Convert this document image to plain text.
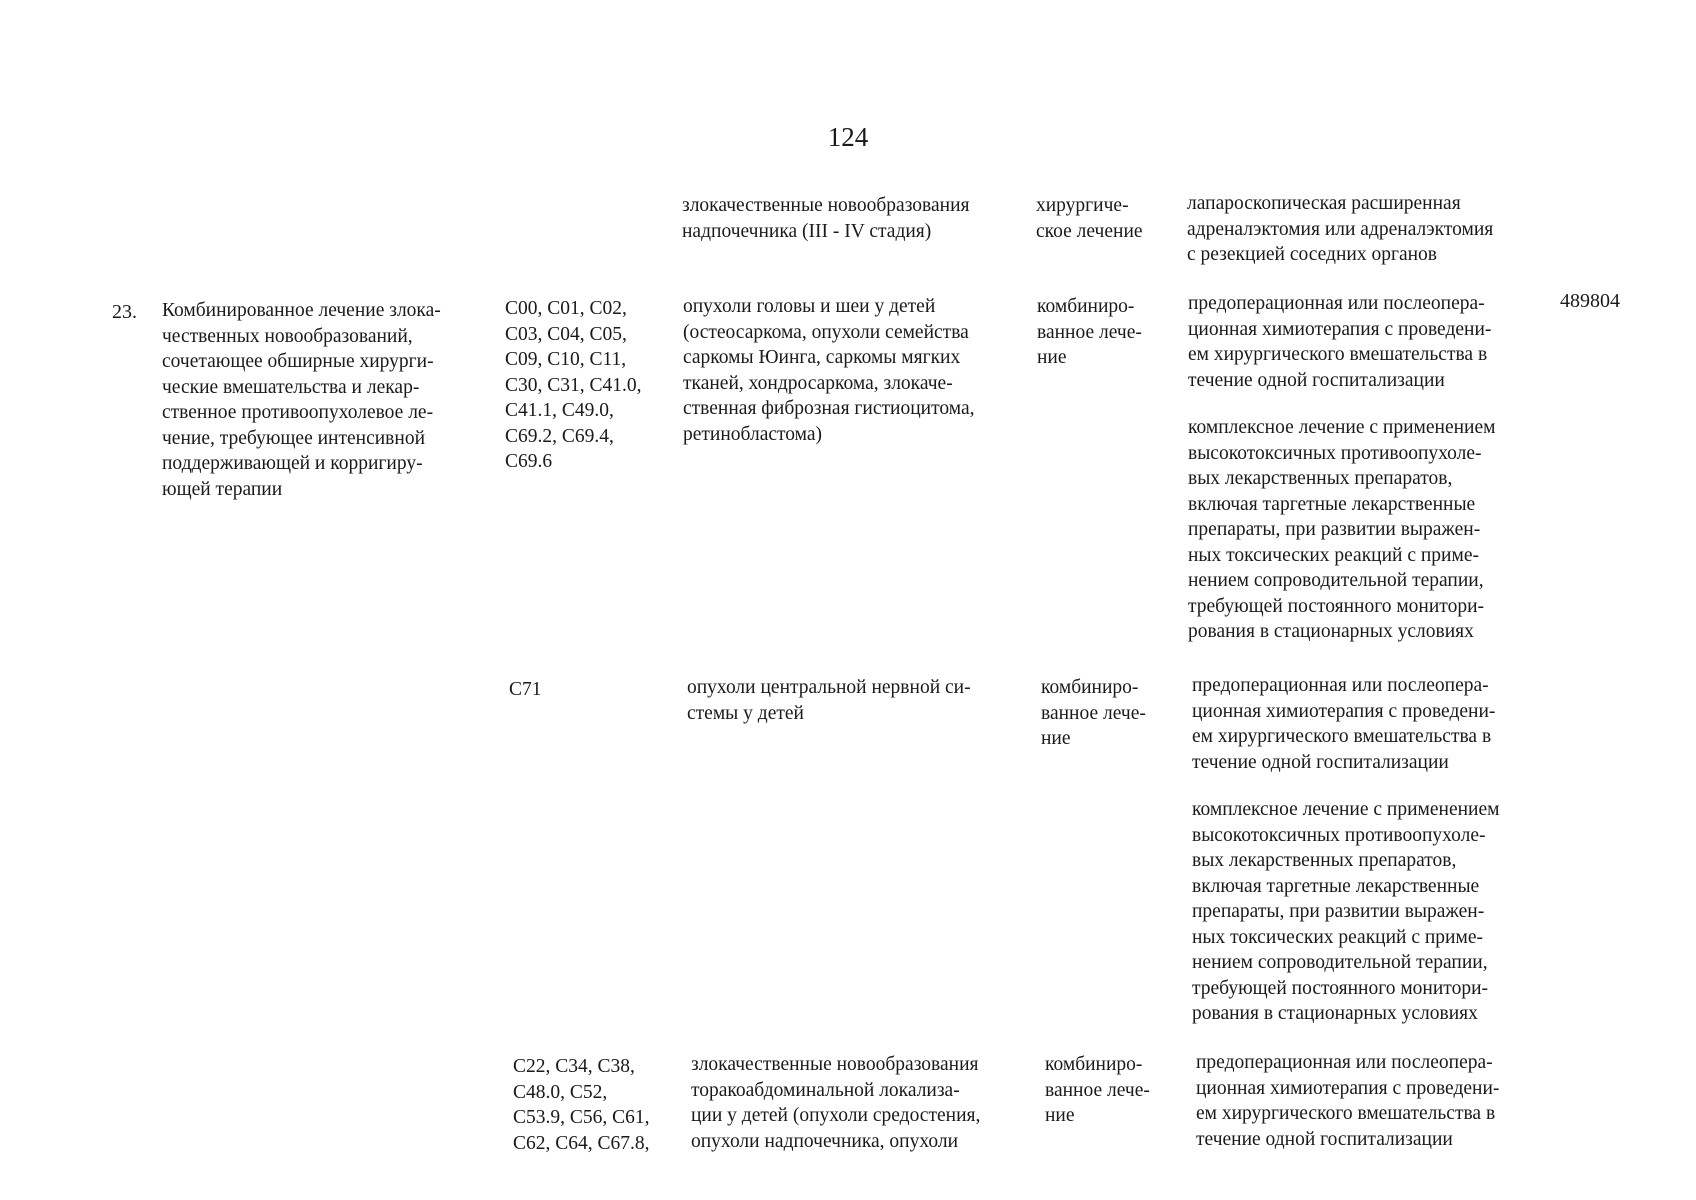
124
злокачественные новообразования
надпочечника (III - IV стадия)
хирургиче-
ское лечение
лапароскопическая расширенная
адреналэктомия или адреналэктомия
с резекцией соседних органов
23. Комбинированное лечение злока-
чественных новообразований,
сочетающее обширные хирурги-
ческие вмешательства и лекар-
ственное противоопухолевое ле-
чение, требующее интенсивной
поддерживающей и корригиру-
ющей терапии
489804
C00, C01, C02,
C03, C04, C05,
C09, C10, C11,
C30, C31, C41.0,
C41.1, C49.0,
C69.2, C69.4,
C69.6
опухоли головы и шеи у детей
(остеосаркома, опухоли семейства
саркомы Юинга, саркомы мягких
тканей, хондросаркома, злокаче-
ственная фиброзная гистиоцитома,
ретинобластома)
комбиниро-
ванное лече-
ние
предоперационная или послеопера-
ционная химиотерапия с проведени-
ем хирургического вмешательства в
течение одной госпитализации
комплексное лечение с применением
высокотоксичных противоопухоле-
вых лекарственных препаратов,
включая таргетные лекарственные
препараты, при развитии выражен-
ных токсических реакций с приме-
нением сопроводительной терапии,
требующей постоянного монитори-
рования в стационарных условиях
C71	опухоли центральной нервной си-
стемы у детей
комбиниро-
ванное лече-
ние
предоперационная или послеопера-
ционная химиотерапия с проведени-
ем хирургического вмешательства в
течение одной госпитализации
комплексное лечение с применением
высокотоксичных противоопухоле-
вых лекарственных препаратов,
включая таргетные лекарственные
препараты, при развитии выражен-
ных токсических реакций с приме-
нением сопроводительной терапии,
требующей постоянного монитори-
рования в стационарных условиях
C22, C34, C38,
C48.0, C52,
C53.9, C56, C61,
C62, C64, C67.8,
злокачественные новообразования
торакоабдоминальной локализа-
ции у детей (опухоли средостения,
опухоли надпочечника, опухоли
комбиниро-
ванное лече-
ние
предоперационная или послеопера-
ционная химиотерапия с проведени-
ем хирургического вмешательства в
течение одной госпитализации
